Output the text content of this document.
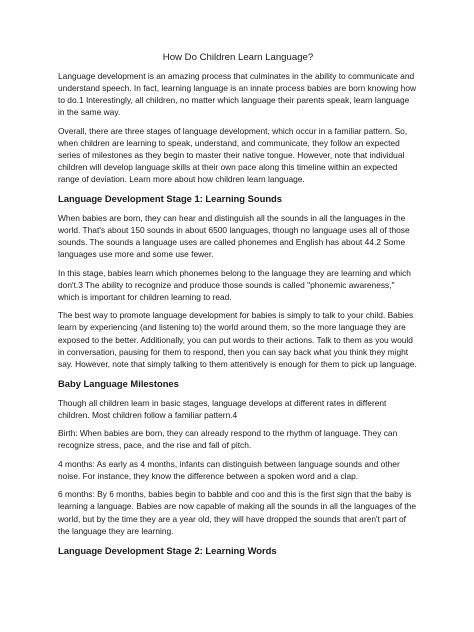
How Do Children Learn Language?

Language development is an amazing process that culminates in the ability to communicate and understand speech. In fact, learning language is an innate process babies are born knowing how to do.1 Interestingly, all children, no matter which language their parents speak, learn language in the same way.

Overall, there are three stages of language development, which occur in a familiar pattern. So, when children are learning to speak, understand, and communicate, they follow an expected series of milestones as they begin to master their native tongue. However, note that individual children will develop language skills at their own pace along this timeline within an expected range of deviation. Learn more about how children learn language.

Language Development Stage 1: Learning Sounds

When babies are born, they can hear and distinguish all the sounds in all the languages in the world. That's about 150 sounds in about 6500 languages, though no language uses all of those sounds. The sounds a language uses are called phonemes and English has about 44.2 Some languages use more and some use fewer.

In this stage, babies learn which phonemes belong to the language they are learning and which don't.3 The ability to recognize and produce those sounds is called "phonemic awareness," which is important for children learning to read.

The best way to promote language development for babies is simply to talk to your child. Babies learn by experiencing (and listening to) the world around them, so the more language they are exposed to the better. Additionally, you can put words to their actions. Talk to them as you would in conversation, pausing for them to respond, then you can say back what you think they might say. However, note that simply talking to them attentively is enough for them to pick up language.

Baby Language Milestones

Though all children learn in basic stages, language develops at different rates in different children. Most children follow a familiar pattern.4

Birth: When babies are born, they can already respond to the rhythm of language. They can recognize stress, pace, and the rise and fall of pitch.

4 months: As early as 4 months, infants can distinguish between language sounds and other noise. For instance, they know the difference between a spoken word and a clap.

6 months: By 6 months, babies begin to babble and coo and this is the first sign that the baby is learning a language. Babies are now capable of making all the sounds in all the languages of the world, but by the time they are a year old, they will have dropped the sounds that aren't part of the language they are learning.

Language Development Stage 2: Learning Words
